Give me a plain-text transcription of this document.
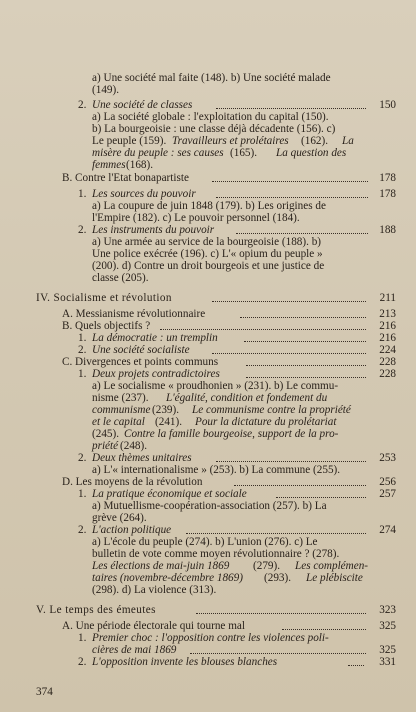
a) Une société mal faite (148). b) Une société malade
(149).
2. Une société de classes
a) La société globale : l'exploitation du capital (150).
b) La bourgeoisie : une classe déjà décadente (156). c)
Le peuple (159). Travailleurs et prolétaires (162). La
misère du peuple : ses causes (165). La question des
femmes (168).
B. Contre l'Etat bonapartiste
1. Les sources du pouvoir
a) La coupure de juin 1848 (179). b) Les origines de
l'Empire (182). c) Le pouvoir personnel (184).
2. Les instruments du pouvoir
a) Une armée au service de la bourgeoisie (188). b)
Une police exécrée (196). c) L'« opium du peuple »
(200). d) Contre un droit bourgeois et une justice de
classe (205).
IV. Socialisme et révolution
A. Messianisme révolutionnaire
B. Quels objectifs ?
1. La démocratie : un tremplin
2. Une société socialiste
C. Divergences et points communs
1. Deux projets contradictoires
a) Le socialisme « proudhonien » (231). b) Le commu-
nisme (237). L'égalité, condition et fondement du
communisme (239). Le communisme contre la propriété
et le capital (241). Pour la dictature du prolétariat
(245). Contre la famille bourgeoise, support de la pro-
priété (248).
2. Deux thèmes unitaires
a) L'« internationalisme » (253). b) La commune (255).
D. Les moyens de la révolution
1. La pratique économique et sociale
a) Mutuellisme-coopération-association (257). b) La
grève (264).
2. L'action politique
a) L'école du peuple (274). b) L'union (276). c) Le
bulletin de vote comme moyen révolutionnaire ? (278).
Les élections de mai-juin 1869 (279). Les complémen-
taires (novembre-décembre 1869) (293). Le plébiscite
(298). d) La violence (313).
V. Le temps des émeutes
A. Une période électorale qui tourne mal
1. Premier choc : l'opposition contre les violences poli-
cières de mai 1869
2. L'opposition invente les blouses blanches
150
178
178
188
211
213
216
216
224
228
228
253
256
257
274
323
325
325
331
374
